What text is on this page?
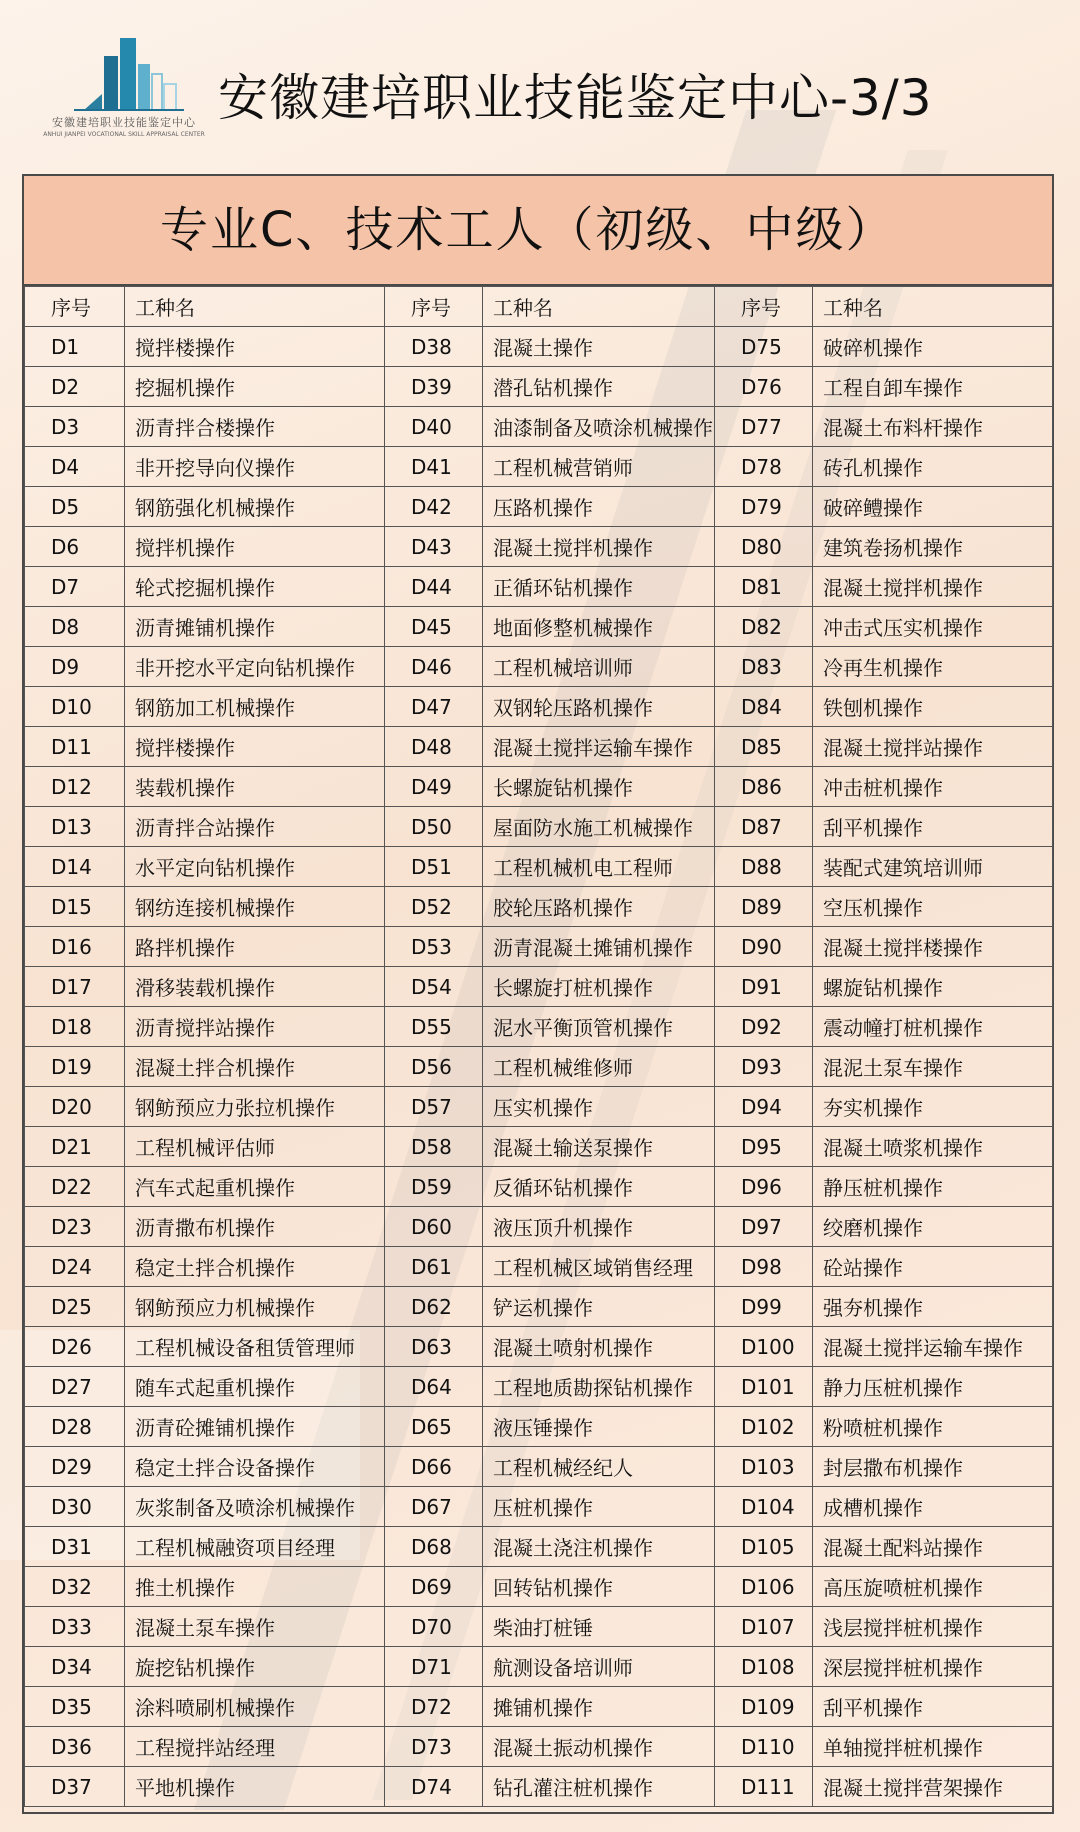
安徽建培职业技能鉴定中心
ANHUI JIANPEI VOCATIONAL SKILL APPRAISAL CENTER
安徽建培职业技能鉴定中心-3/3
专业C、技术工人（初级、中级）
序号	工种名	序号	工种名	序号	工种名
D1	搅拌楼操作	D38	混凝土操作	D75	破碎机操作
D2	挖掘机操作	D39	潜孔钻机操作	D76	工程自卸车操作
D3	沥青拌合楼操作	D40	油漆制备及喷涂机械操作	D77	混凝土布料杆操作
D4	非开挖导向仪操作	D41	工程机械营销师	D78	砖孔机操作
D5	钢筋强化机械操作	D42	压路机操作	D79	破碎鳢操作
D6	搅拌机操作	D43	混凝土搅拌机操作	D80	建筑卷扬机操作
D7	轮式挖掘机操作	D44	正循环钻机操作	D81	混凝土搅拌机操作
D8	沥青摊铺机操作	D45	地面修整机械操作	D82	冲击式压实机操作
D9	非开挖水平定向钻机操作	D46	工程机械培训师	D83	冷再生机操作
D10	钢筋加工机械操作	D47	双钢轮压路机操作	D84	铁刨机操作
D11	搅拌楼操作	D48	混凝土搅拌运输车操作	D85	混凝土搅拌站操作
D12	装载机操作	D49	长螺旋钻机操作	D86	冲击桩机操作
D13	沥青拌合站操作	D50	屋面防水施工机械操作	D87	刮平机操作
D14	水平定向钻机操作	D51	工程机械机电工程师	D88	装配式建筑培训师
D15	钢纺连接机械操作	D52	胶轮压路机操作	D89	空压机操作
D16	路拌机操作	D53	沥青混凝土摊铺机操作	D90	混凝土搅拌楼操作
D17	滑移装载机操作	D54	长螺旋打桩机操作	D91	螺旋钻机操作
D18	沥青搅拌站操作	D55	泥水平衡顶管机操作	D92	震动幢打桩机操作
D19	混凝土拌合机操作	D56	工程机械维修师	D93	混泥土泵车操作
D20	钢鲂预应力张拉机操作	D57	压实机操作	D94	夯实机操作
D21	工程机械评估师	D58	混凝土输送泵操作	D95	混凝土喷浆机操作
D22	汽车式起重机操作	D59	反循环钻机操作	D96	静压桩机操作
D23	沥青撒布机操作	D60	液压顶升机操作	D97	绞磨机操作
D24	稳定土拌合机操作	D61	工程机械区域销售经理	D98	砼站操作
D25	钢鲂预应力机械操作	D62	铲运机操作	D99	强夯机操作
D26	工程机械设备租赁管理师	D63	混凝土喷射机操作	D100	混凝土搅拌运输车操作
D27	随车式起重机操作	D64	工程地质勘探钻机操作	D101	静力压桩机操作
D28	沥青砼摊铺机操作	D65	液压锤操作	D102	粉喷桩机操作
D29	稳定土拌合设备操作	D66	工程机械经纪人	D103	封层撒布机操作
D30	灰浆制备及喷涂机械操作	D67	压桩机操作	D104	成槽机操作
D31	工程机械融资项目经理	D68	混凝土浇注机操作	D105	混凝土配料站操作
D32	推土机操作	D69	回转钻机操作	D106	高压旋喷桩机操作
D33	混凝土泵车操作	D70	柴油打桩锤	D107	浅层搅拌桩机操作
D34	旋挖钻机操作	D71	航测设备培训师	D108	深层搅拌桩机操作
D35	涂料喷刷机械操作	D72	摊铺机操作	D109	刮平机操作
D36	工程搅拌站经理	D73	混凝土振动机操作	D110	单轴搅拌桩机操作
D37	平地机操作	D74	钻孔灌注桩机操作	D111	混凝土搅拌营架操作
